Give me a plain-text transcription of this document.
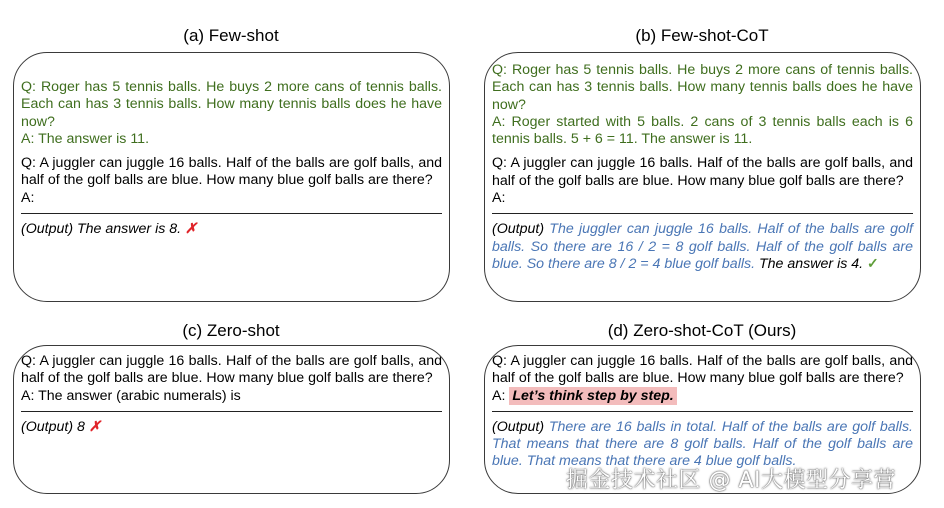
(a) Few-shot

Q: Roger has 5 tennis balls. He buys 2 more cans of tennis balls. Each can has 3 tennis balls. How many tennis balls does he have now?

A: The answer is 11.

Q: A juggler can juggle 16 balls. Half of the balls are golf balls, and half of the golf balls are blue. How many blue golf balls are there?

A:

(Output) The answer is 8. ✗

(b) Few-shot-CoT

Q: Roger has 5 tennis balls. He buys 2 more cans of tennis balls. Each can has 3 tennis balls. How many tennis balls does he have now?

A: Roger started with 5 balls. 2 cans of 3 tennis balls each is 6 tennis balls. 5 + 6 = 11. The answer is 11.

Q: A juggler can juggle 16 balls. Half of the balls are golf balls, and half of the golf balls are blue. How many blue golf balls are there?

A:

(Output) The juggler can juggle 16 balls. Half of the balls are golf balls. So there are 16 / 2 = 8 golf balls. Half of the golf balls are blue. So there are 8 / 2 = 4 blue golf balls. The answer is 4. ✓

(c) Zero-shot

Q: A juggler can juggle 16 balls. Half of the balls are golf balls, and half of the golf balls are blue. How many blue golf balls are there?

A: The answer (arabic numerals) is

(Output) 8 ✗

(d) Zero-shot-CoT (Ours)

Q: A juggler can juggle 16 balls. Half of the balls are golf balls, and half of the golf balls are blue. How many blue golf balls are there?

A: Let’s think step by step.

(Output) There are 16 balls in total. Half of the balls are golf balls. That means that there are 8 golf balls. Half of the golf balls are blue. That means that there are 4 blue golf balls.

掘金技术社区 @ AI大模型分享营
